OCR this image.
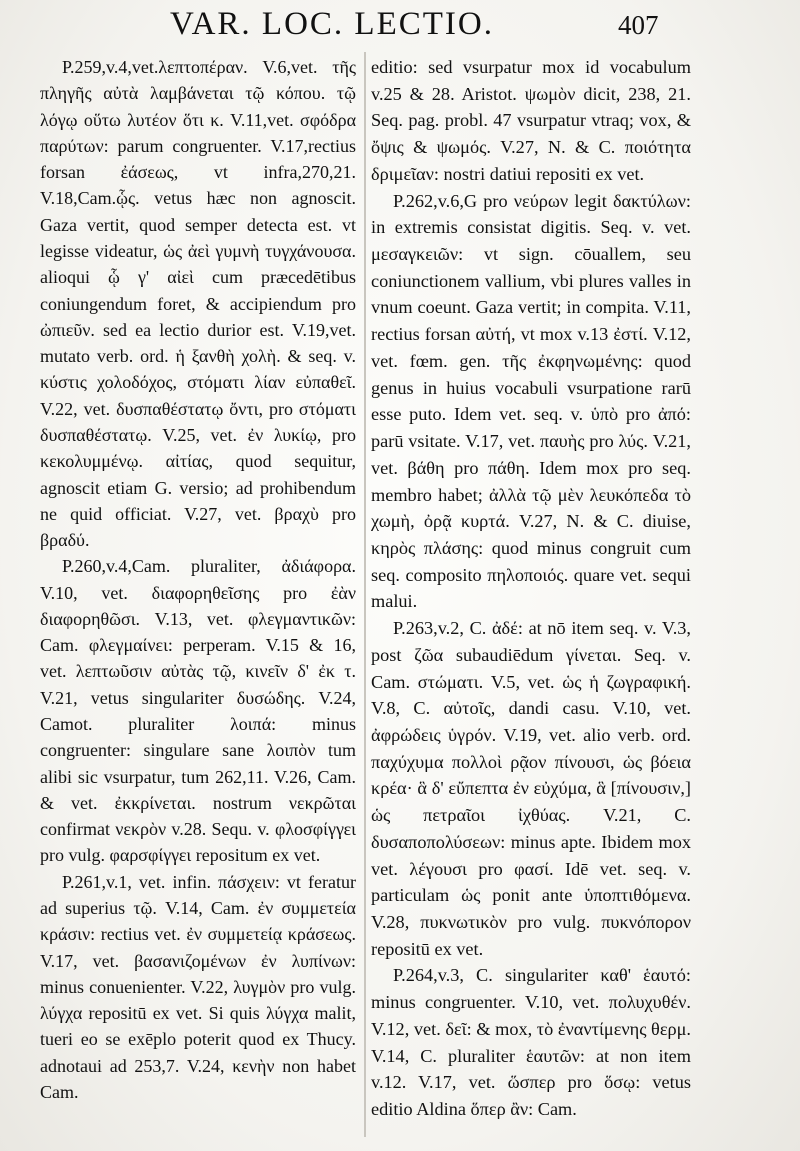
VAR. LOC. LECTIO.	407

P.259,v.4,vet.λεπτοπέραν. V.6,vet. τῆς πληγῆς αὐτὰ λαμβάνεται τῷ κόπου. τῷ λόγῳ οὕτω λυτέον ὅτι κ. V.11,vet. σφόδρα παρύτων: parum congruenter. V.17,rectius forsan ἐάσεως, vt infra,270,21. V.18,Cam.ᾧς. vetus hæc non agnoscit. Gaza vertit, quod semper detecta est. vt legisse videatur, ὡς ἀεὶ γυμνὴ τυγχάνουσα. alioqui ᾧ γ' αἰεὶ cum præcedētibus coniungendum foret, & accipiendum pro ὠπιεῦν. sed ea lectio durior est. V.19,vet. mutato verb. ord. ἡ ξανθὴ χολὴ. & seq. v. κύστις χολοδόχος, στόματι λίαν εὐπαθεῖ. V.22, vet. δυσπαθέστατῳ ὄντι, pro στόματι δυσπαθέστατῳ. V.25, vet. ἐν λυκίῳ, pro κεκολυμμένῳ. αἰτίας, quod sequitur, agnoscit etiam G. versio; ad prohibendum ne quid officiat. V.27, vet. βραχὺ pro βραδύ.

P.260,v.4,Cam. pluraliter, ἀδιάφορα. V.10, vet. διαφορηθεῖσης pro ἐὰν διαφορηθῶσι. V.13, vet. φλεγμαντικῶν: Cam. φλεγμαίνει: perperam. V.15 & 16, vet. λεπτωῦσιν αὐτὰς τῷ, κινεῖν δ' ἐκ τ. V.21, vetus singulariter δυσώδης. V.24, Camot. pluraliter λοιπά: minus congruenter: singulare sane λοιπὸν tum alibi sic vsurpatur, tum 262,11. V.26, Cam. & vet. ἐκκρίνεται. nostrum νεκρῶται confirmat νεκρὸν v.28. Sequ. v. φλοσφίγγει pro vulg. φαρσφίγγει repositum ex vet.

P.261,v.1, vet. infin. πάσχειν: vt feratur ad superius τῷ. V.14, Cam. ἐν συμμετεία κράσιν: rectius vet. ἐν συμμετείᾳ κράσεως. V.17, vet. βασανιζομένων ἐν λυπίνων: minus conuenienter. V.22, λυγμὸν pro vulg. λύγχα repositū ex vet. Si quis λύγχα malit, tueri eo se exēplo poterit quod ex Thucy. adnotaui ad 253,7. V.24, κενὴν non habet Cam.

editio: sed vsurpatur mox id vocabulum v.25 & 28. Aristot. ψωμὸν dicit, 238, 21. Seq. pag. probl. 47 vsurpatur vtraq; vox, & ὄψις & ψωμός. V.27, N. & C. ποιότητα δριμεῖαν: nostri datiui repositi ex vet.

P.262,v.6,G pro νεύρων legit δακτύλων: in extremis consistat digitis. Seq. v. vet. μεσαγκειῶν: vt sign. cōuallem, seu coniunctionem vallium, vbi plures valles in vnum coeunt. Gaza vertit; in compita. V.11, rectius forsan αὐτή, vt mox v.13 ἐστί. V.12, vet. fœm. gen. τῆς ἐκφηνωμένης: quod genus in huius vocabuli vsurpatione rarū esse puto. Idem vet. seq. v. ὑπὸ pro ἀπό: parū vsitate. V.17, vet. παυὴς pro λύς. V.21, vet. βάθη pro πάθη. Idem mox pro seq. membro habet; ἀλλὰ τῷ μὲν λευκόπεδα τὸ χωμὴ, ὀρᾷ κυρτά. V.27, N. & C. diuise, κηρὸς πλάσης: quod minus congruit cum seq. composito πηλοποιός. quare vet. sequi malui.

P.263,v.2, C. ἀδέ: at nō item seq. v. V.3, post ζῶα subaudiēdum γίνεται. Seq. v. Cam. στώματι. V.5, vet. ὡς ἡ ζωγραφική. V.8, C. αὐτοῖς, dandi casu. V.10, vet. ἀφρώδεις ὑγρόν. V.19, vet. alio verb. ord. παχύχυμα πολλοὶ ρᾷον πίνουσι, ὡς βόεια κρέα· ἃ δ' εὔπεπτα ἐν εὐχύμα, ἃ [πίνουσιν,] ὡς πετραῖοι ἰχθύας. V.21, C. δυσαποπολύσεων: minus apte. Ibidem mox vet. λέγουσι pro φασί. Idē vet. seq. v. particulam ὡς ponit ante ὑποπτιθόμενα. V.28, πυκνωτικὸν pro vulg. πυκνόπορον repositū ex vet.

P.264,v.3, C. singulariter καθ' ἑαυτό: minus congruenter. V.10, vet. πολυχυθέν. V.12, vet. δεῖ: & mox, τὸ ἐναντίμενης θερμ. V.14, C. pluraliter ἑαυτῶν: at non item v.12. V.17, vet. ὥσπερ pro ὅσῳ: vetus editio Aldina ὅπερ ἂν: Cam.
